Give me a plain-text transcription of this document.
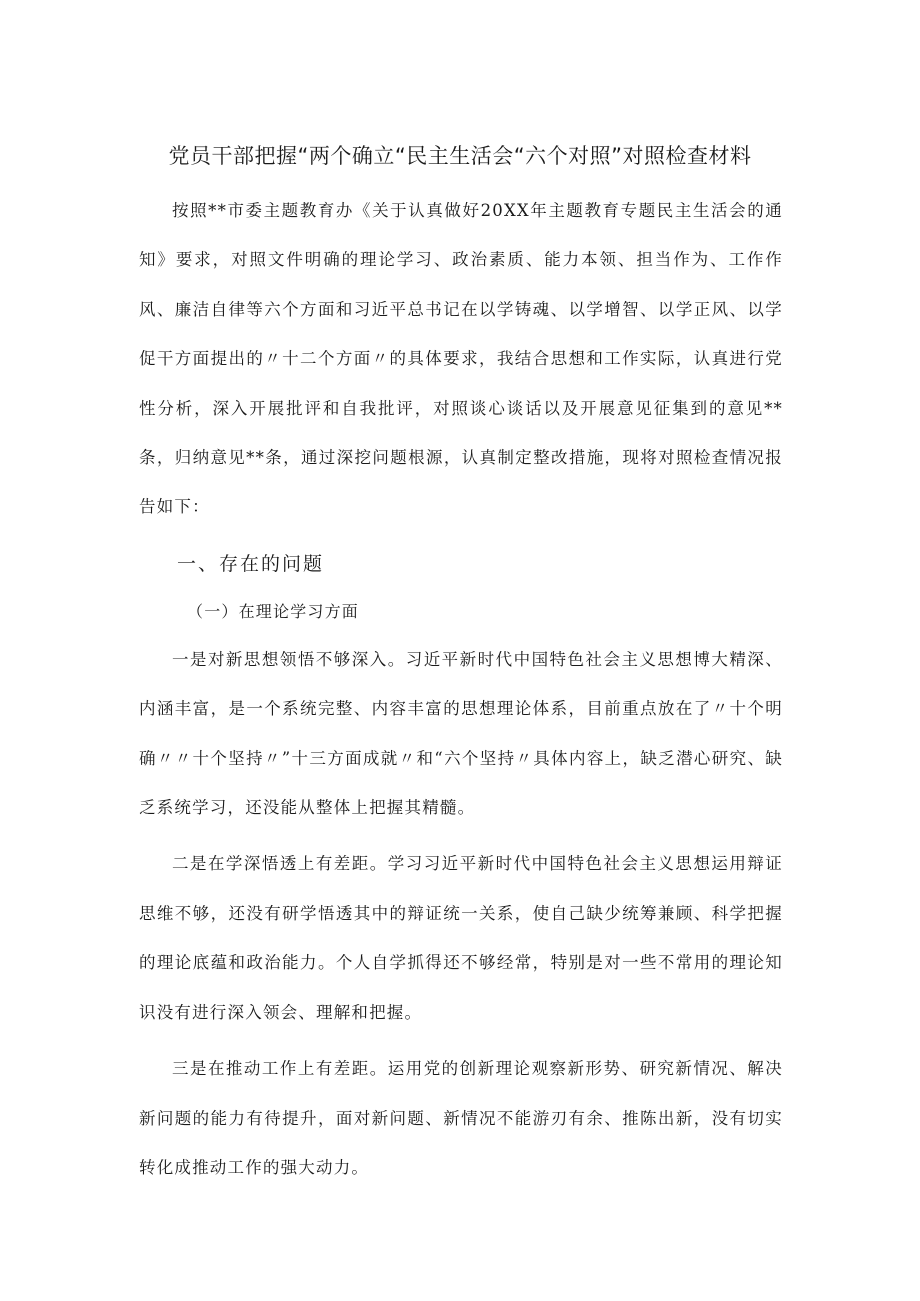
党员干部把握“两个确立“民主生活会“六个对照”对照检查材料

按照**市委主题教育办《关于认真做好20XX年主题教育专题民主生活会的通知》要求，对照文件明确的理论学习、政治素质、能力本领、担当作为、工作作风、廉洁自律等六个方面和习近平总书记在以学铸魂、以学增智、以学正风、以学促干方面提出的〃十二个方面〃的具体要求，我结合思想和工作实际，认真进行党性分析，深入开展批评和自我批评，对照谈心谈话以及开展意见征集到的意见**条，归纳意见**条，通过深挖问题根源，认真制定整改措施，现将对照检查情况报告如下：

一、存在的问题

（一）在理论学习方面

一是对新思想领悟不够深入。习近平新时代中国特色社会主义思想博大精深、内涵丰富，是一个系统完整、内容丰富的思想理论体系，目前重点放在了〃十个明确〃〃十个坚持〃”十三方面成就〃和“六个坚持〃具体内容上，缺乏潜心研究、缺乏系统学习，还没能从整体上把握其精髓。

二是在学深悟透上有差距。学习习近平新时代中国特色社会主义思想运用辩证思维不够，还没有研学悟透其中的辩证统一关系，使自己缺少统筹兼顾、科学把握的理论底蕴和政治能力。个人自学抓得还不够经常，特别是对一些不常用的理论知识没有进行深入领会、理解和把握。

三是在推动工作上有差距。运用党的创新理论观察新形势、研究新情况、解决新问题的能力有待提升，面对新问题、新情况不能游刃有余、推陈出新，没有切实转化成推动工作的强大动力。
